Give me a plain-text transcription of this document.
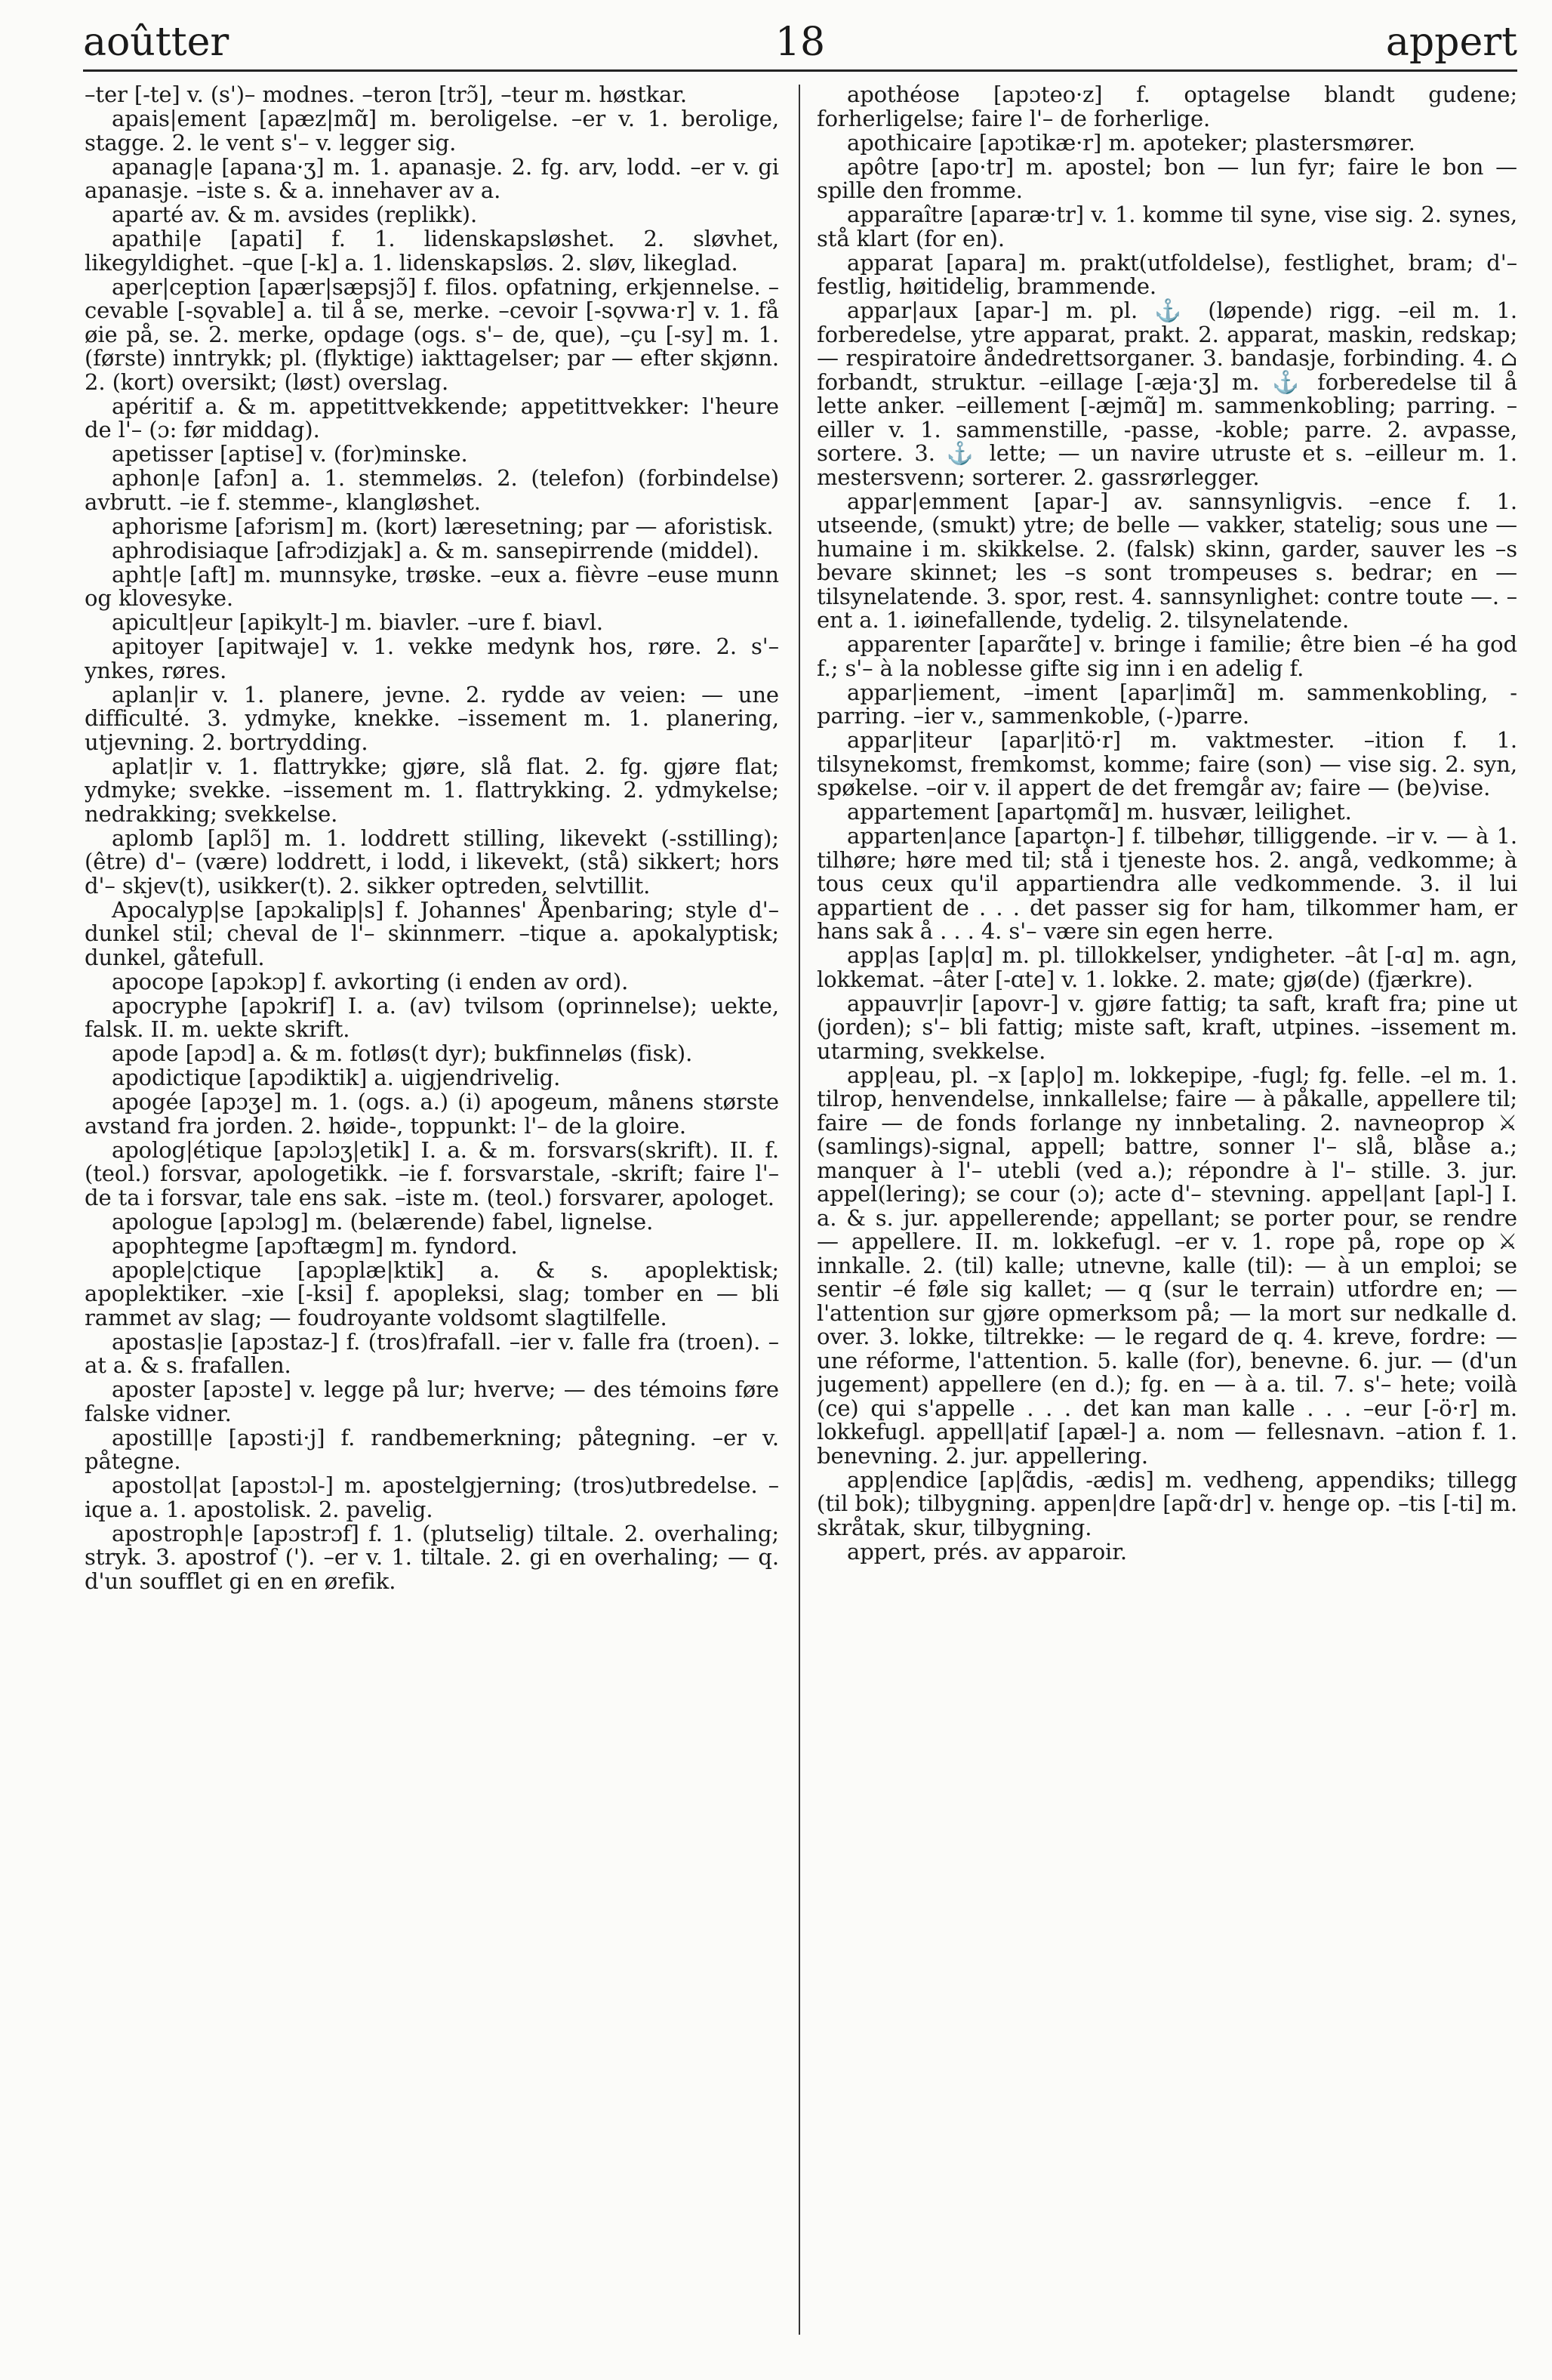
aoûtter	18	appert

–ter [-te] v. (s')– modnes. –teron [trɔ̃], –teur m. høstkar.

apais|ement [apæz|mɑ̃] m. beroligelse. –er v. 1. berolige, stagge. 2. le vent s'– v. legger sig.

apanag|e [apana·ʒ] m. 1. apanasje. 2. fg. arv, lodd. –er v. gi apanasje. –iste s. & a. innehaver av a.

aparté av. & m. avsides (replikk).

apathi|e [apati] f. 1. lidenskapsløshet. 2. sløvhet, likegyldighet. –que [-k] a. 1. lidenskapsløs. 2. sløv, likeglad.

aper|ception [apær|sæpsjɔ̃] f. filos. opfatning, erkjennelse. –cevable [-sǫvable] a. til å se, merke. –cevoir [-sǫvwa·r] v. 1. få øie på, se. 2. merke, opdage (ogs. s'– de, que), –çu [-sy] m. 1. (første) inntrykk; pl. (flyktige) iakttagelser; par — efter skjønn. 2. (kort) oversikt; (løst) overslag.

apéritif a. & m. appetittvekkende; appetittvekker: l'heure de l'– (ɔ: før middag).

apetisser [aptise] v. (for)minske.

aphon|e [afɔn] a. 1. stemmeløs. 2. (telefon) (forbindelse) avbrutt. –ie f. stemme-, klangløshet.

aphorisme [afɔrism] m. (kort) læresetning; par — aforistisk.

aphrodisiaque [afrɔdizjak] a. & m. sansepirrende (middel).

apht|e [aft] m. munnsyke, trøske. –eux a. fièvre –euse munn og klovesyke.

apicult|eur [apikylt-] m. biavler. –ure f. biavl.

apitoyer [apitwaje] v. 1. vekke medynk hos, røre. 2. s'– ynkes, røres.

aplan|ir v. 1. planere, jevne. 2. rydde av veien: — une difficulté. 3. ydmyke, knekke. –issement m. 1. planering, utjevning. 2. bortrydding.

aplat|ir v. 1. flattrykke; gjøre, slå flat. 2. fg. gjøre flat; ydmyke; svekke. –issement m. 1. flattrykking. 2. ydmykelse; nedrakking; svekkelse.

aplomb [aplɔ̃] m. 1. loddrett stilling, likevekt (-sstilling); (être) d'– (være) loddrett, i lodd, i likevekt, (stå) sikkert; hors d'– skjev(t), usikker(t). 2. sikker optreden, selvtillit.

Apocalyp|se [apɔkalip|s] f. Johannes' Åpenbaring; style d'– dunkel stil; cheval de l'– skinnmerr. –tique a. apokalyptisk; dunkel, gåtefull.

apocope [apɔkɔp] f. avkorting (i enden av ord).

apocryphe [apɔkrif] I. a. (av) tvilsom (oprinnelse); uekte, falsk. II. m. uekte skrift.

apode [apɔd] a. & m. fotløs(t dyr); bukfinneløs (fisk).

apodictique [apɔdiktik] a. uigjendrivelig.

apogée [apɔʒe] m. 1. (ogs. a.) (i) apogeum, månens største avstand fra jorden. 2. høide-, toppunkt: l'– de la gloire.

apolog|étique [apɔlɔʒ|etik] I. a. & m. forsvars(skrift). II. f. (teol.) forsvar, apologetikk. –ie f. forsvarstale, -skrift; faire l'– de ta i forsvar, tale ens sak. –iste m. (teol.) forsvarer, apologet.

apologue [apɔlɔg] m. (belærende) fabel, lignelse.

apophtegme [apɔftægm] m. fyndord.

apople|ctique [apɔplæ|ktik] a. & s. apoplektisk; apoplektiker. –xie [-ksi] f. apopleksi, slag; tomber en — bli rammet av slag; — foudroyante voldsomt slagtilfelle.

apostas|ie [apɔstaz-] f. (tros)frafall. –ier v. falle fra (troen). –at a. & s. frafallen.

aposter [apɔste] v. legge på lur; hverve; — des témoins føre falske vidner.

apostill|e [apɔsti·j] f. randbemerkning; påtegning. –er v. påtegne.

apostol|at [apɔstɔl-] m. apostelgjerning; (tros)utbredelse. –ique a. 1. apostolisk. 2. pavelig.

apostroph|e [apɔstrɔf] f. 1. (plutselig) tiltale. 2. overhaling; stryk. 3. apostrof ('). –er v. 1. tiltale. 2. gi en overhaling; — q. d'un soufflet gi en en ørefik.

apothéose [apɔteo·z] f. optagelse blandt gudene; forherligelse; faire l'– de forherlige.

apothicaire [apɔtikæ·r] m. apoteker; plastersmører.

apôtre [apo·tr] m. apostel; bon — lun fyr; faire le bon — spille den fromme.

apparaître [aparæ·tr] v. 1. komme til syne, vise sig. 2. synes, stå klart (for en).

apparat [apara] m. prakt(utfoldelse), festlighet, bram; d'– festlig, høitidelig, brammende.

appar|aux [apar-] m. pl. ⚓ (løpende) rigg. –eil m. 1. forberedelse, ytre apparat, prakt. 2. apparat, maskin, redskap; — respiratoire åndedrettsorganer. 3. bandasje, forbinding. 4. ⌂ forbandt, struktur. –eillage [-æja·ʒ] m. ⚓ forberedelse til å lette anker. –eillement [-æjmɑ̃] m. sammenkobling; parring. –eiller v. 1. sammenstille, -passe, -koble; parre. 2. avpasse, sortere. 3. ⚓ lette; — un navire utruste et s. –eilleur m. 1. mestersvenn; sorterer. 2. gassrørlegger.

appar|emment [apar-] av. sannsynligvis. –ence f. 1. utseende, (smukt) ytre; de belle — vakker, statelig; sous une — humaine i m. skikkelse. 2. (falsk) skinn, garder, sauver les –s bevare skinnet; les –s sont trompeuses s. bedrar; en — tilsynelatende. 3. spor, rest. 4. sannsynlighet: contre toute —. –ent a. 1. iøinefallende, tydelig. 2. tilsynelatende.

apparenter [aparɑ̃te] v. bringe i familie; être bien –é ha god f.; s'– à la noblesse gifte sig inn i en adelig f.

appar|iement, –iment [apar|imɑ̃] m. sammenkobling, -parring. –ier v., sammenkoble, (-)parre.

appar|iteur [apar|itö·r] m. vaktmester. –ition f. 1. tilsynekomst, fremkomst, komme; faire (son) — vise sig. 2. syn, spøkelse. –oir v. il appert de det fremgår av; faire — (be)vise.

appartement [apartǫmɑ̃] m. husvær, leilighet.

apparten|ance [apartǫn-] f. tilbehør, tilliggende. –ir v. — à 1. tilhøre; høre med til; stå i tjeneste hos. 2. angå, vedkomme; à tous ceux qu'il appartiendra alle vedkommende. 3. il lui appartient de . . . det passer sig for ham, tilkommer ham, er hans sak å . . . 4. s'– være sin egen herre.

app|as [ap|ɑ] m. pl. tillokkelser, yndigheter. –ât [-ɑ] m. agn, lokkemat. –âter [-ɑte] v. 1. lokke. 2. mate; gjø(de) (fjærkre).

appauvr|ir [apovr-] v. gjøre fattig; ta saft, kraft fra; pine ut (jorden); s'– bli fattig; miste saft, kraft, utpines. –issement m. utarming, svekkelse.

app|eau, pl. –x [ap|o] m. lokkepipe, -fugl; fg. felle. –el m. 1. tilrop, henvendelse, innkallelse; faire — à påkalle, appellere til; faire — de fonds forlange ny innbetaling. 2. navneoprop ⚔ (samlings)-signal, appell; battre, sonner l'– slå, blåse a.; manquer à l'– utebli (ved a.); répondre à l'– stille. 3. jur. appel(lering); se cour (ɔ); acte d'– stevning. appel|ant [apl-] I. a. & s. jur. appellerende; appellant; se porter pour, se rendre — appellere. II. m. lokkefugl. –er v. 1. rope på, rope op ⚔ innkalle. 2. (til) kalle; utnevne, kalle (til): — à un emploi; se sentir –é føle sig kallet; — q (sur le terrain) utfordre en; — l'attention sur gjøre opmerksom på; — la mort sur nedkalle d. over. 3. lokke, tiltrekke: — le regard de q. 4. kreve, fordre: — une réforme, l'attention. 5. kalle (for), benevne. 6. jur. — (d'un jugement) appellere (en d.); fg. en — à a. til. 7. s'– hete; voilà (ce) qui s'appelle . . . det kan man kalle . . . –eur [-ö·r] m. lokkefugl. appell|atif [apæl-] a. nom — fellesnavn. –ation f. 1. benevning. 2. jur. appellering.

app|endice [ap|ɑ̃dis, -ædis] m. vedheng, appendiks; tillegg (til bok); tilbygning. appen|dre [apɑ̃·dr] v. henge op. –tis [-ti] m. skråtak, skur, tilbygning.

appert, prés. av apparoir.
